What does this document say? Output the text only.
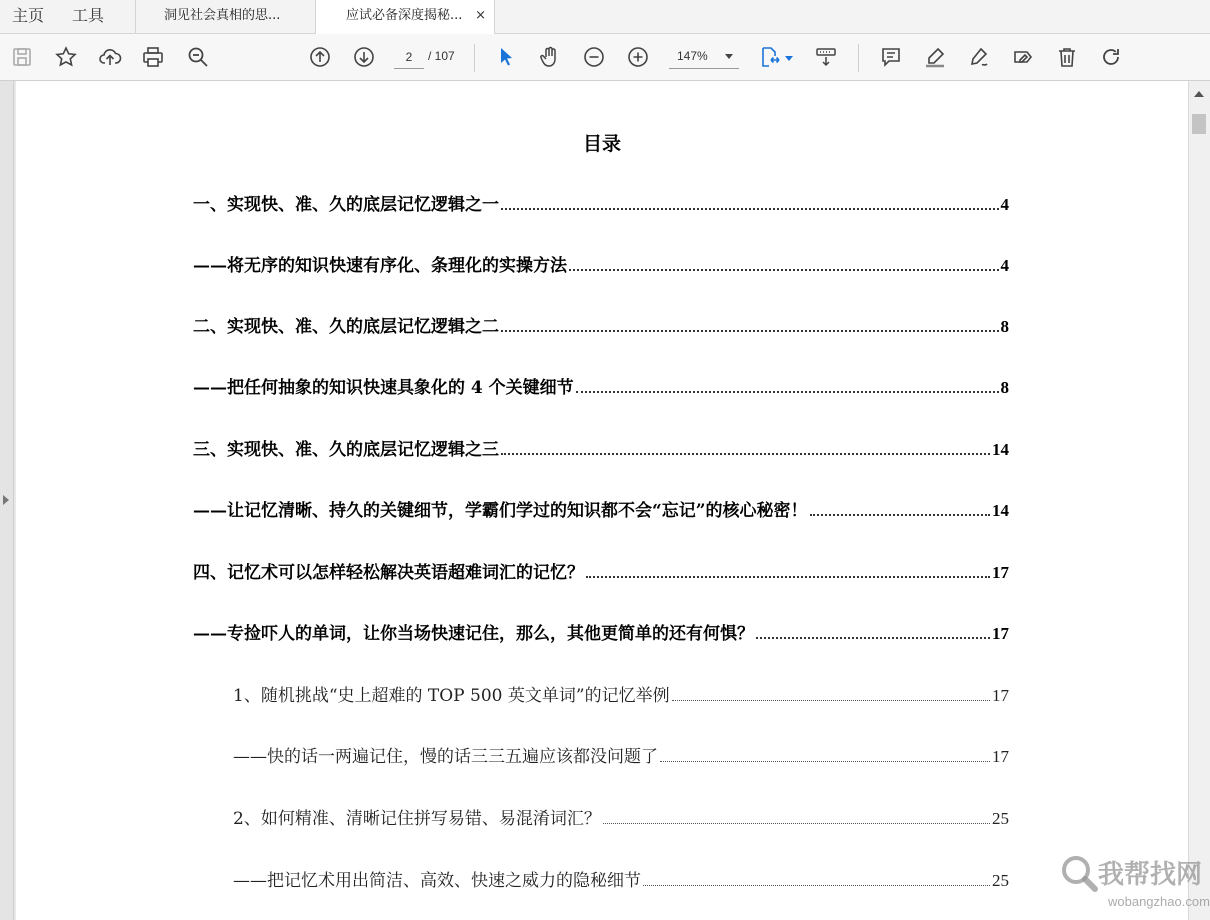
主页 工具	洞见社会真相的思...	应试必备深度揭秘... ×
2
/ 107	147%
目录
一、实现快、准、久的底层记忆逻辑之一	4
——将无序的知识快速有序化、条理化的实操方法	4
二、实现快、准、久的底层记忆逻辑之二	8
——把任何抽象的知识快速具象化的 4 个关键细节	8
三、实现快、准、久的底层记忆逻辑之三	14
——让记忆清晰、持久的关键细节，学霸们学过的知识都不会“忘记”的核心秘密！	14
四、记忆术可以怎样轻松解决英语超难词汇的记忆？	17
——专捡吓人的单词，让你当场快速记住，那么，其他更简单的还有何惧？	17
1、随机挑战“史上超难的 TOP 500 英文单词”的记忆举例	17
——快的话一两遍记住，慢的话三三五遍应该都没问题了	17
2、如何精准、清晰记住拼写易错、易混淆词汇？	25
——把记忆术用出简洁、高效、快速之威力的隐秘细节	25	我帮找网
wobangzhao.com
